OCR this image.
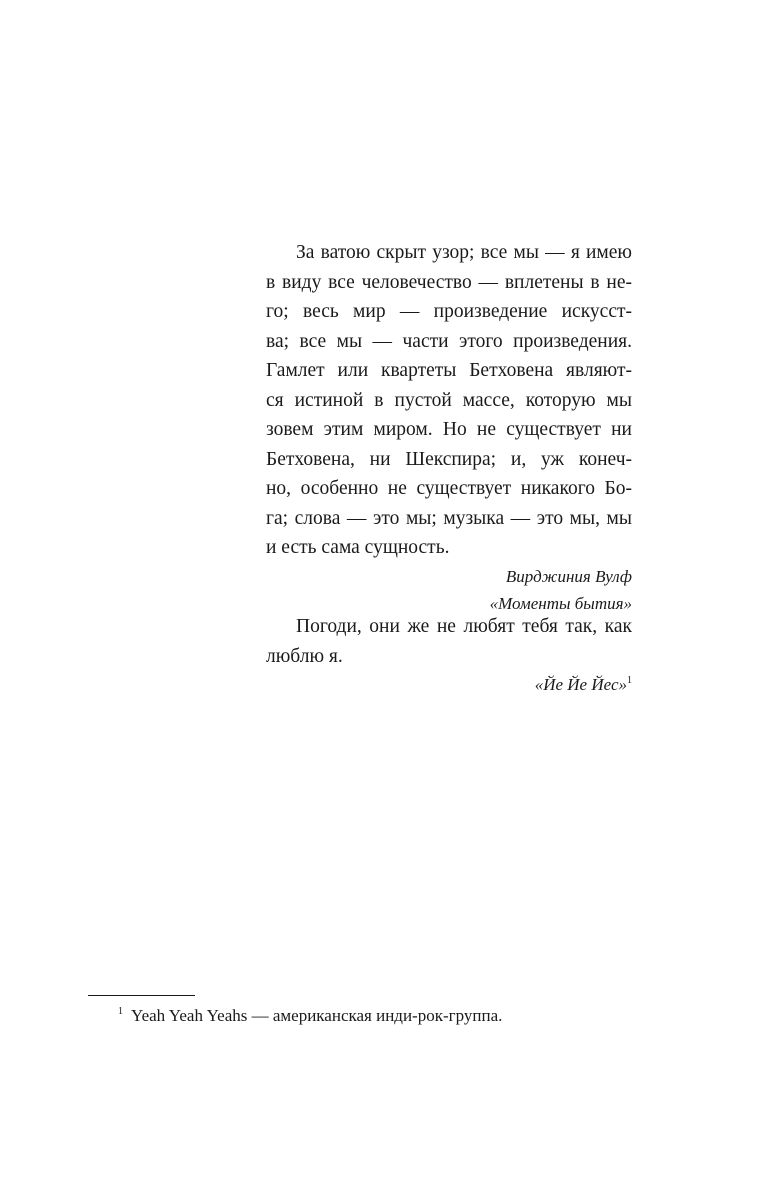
За ватою скрыт узор; все мы — я имею
в виду все человечество — вплетены в не-
го; весь мир — произведение искусст-
ва; все мы — части этого произведения.
Гамлет или квартеты Бетховена являют-
ся истиной в пустой массе, которую мы
зовем этим миром. Но не существует ни
Бетховена, ни Шекспира; и, уж конеч-
но, особенно не существует никакого Бо-
га; слова — это мы; музыка — это мы, мы
и есть сама сущность.
Вирджиния Вулф
«Моменты бытия»
Погоди, они же не любят тебя так, как
люблю я.
«Йе Йе Йес»$^1$
$^1$ Yeah Yeah Yeahs — американская инди-рок-группа.
